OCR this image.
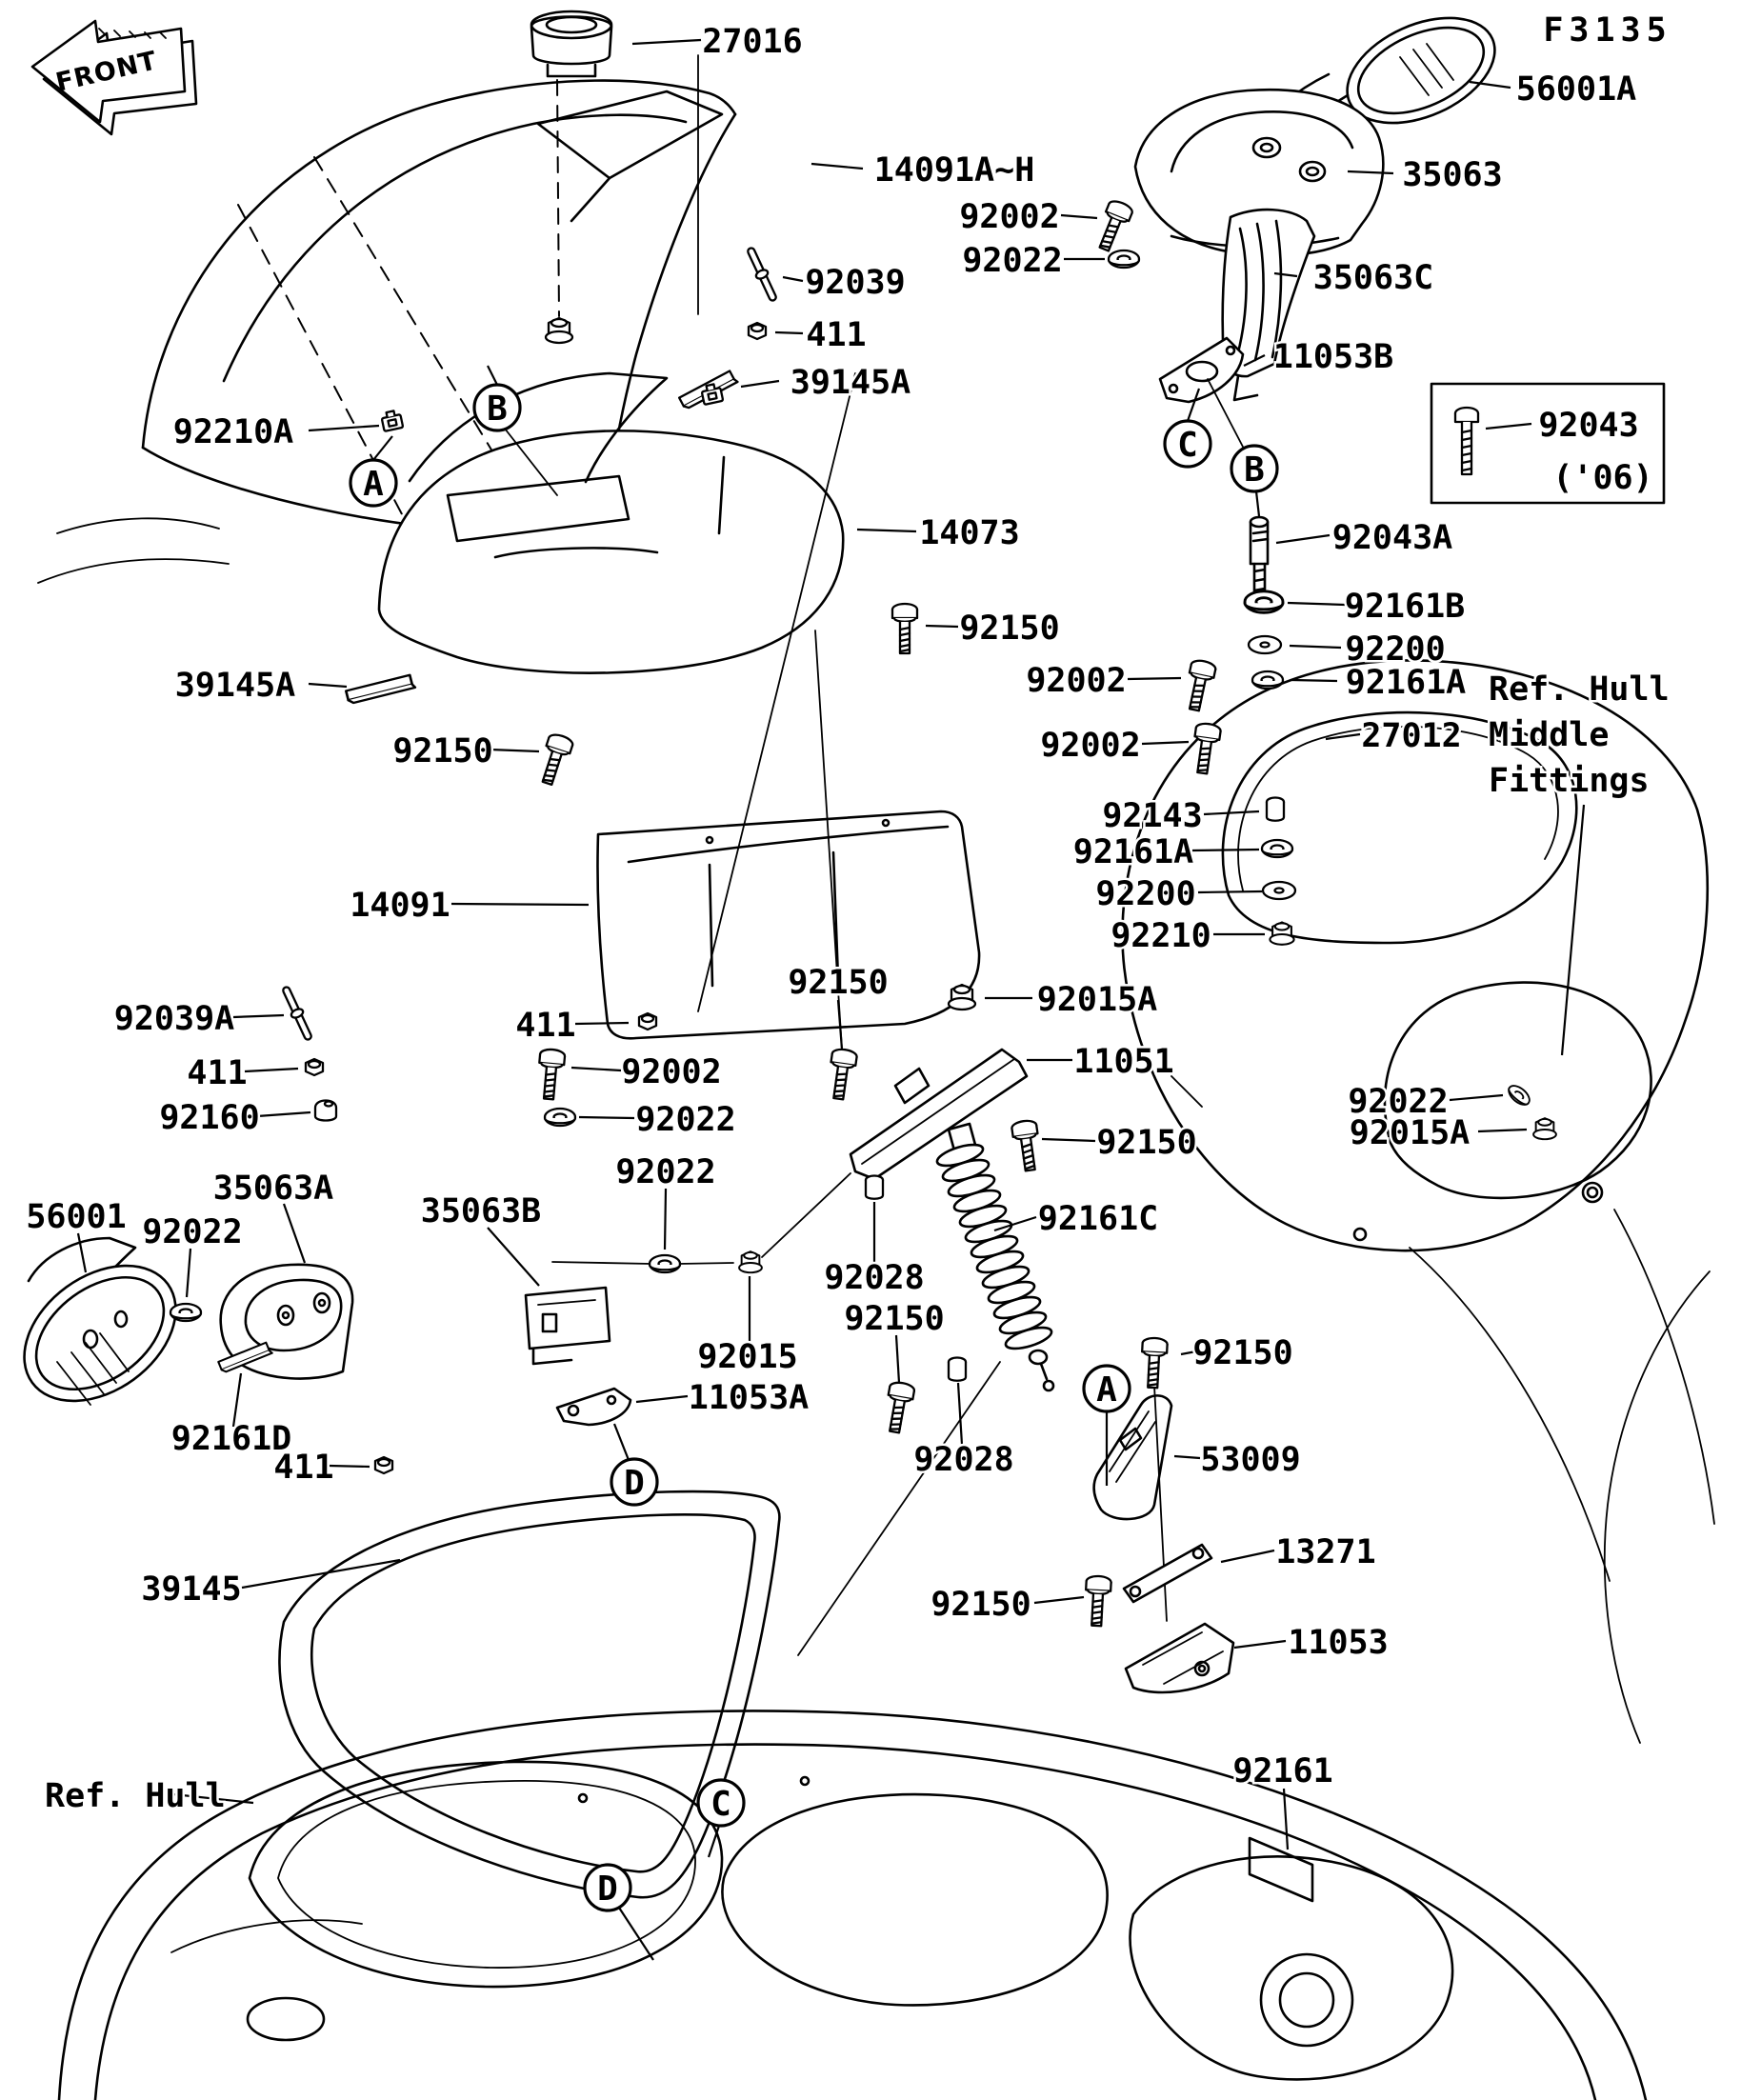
FRONT
A
B
C
B
A
D
C
D
F3135
27016
56001A
14091A~H	35063
92002
92022	35063C
92039
411
39145A
11053B
92210A	92043
('06)
14073	92043A
92150
92161B
92200
92002	92161A Ref. Hull
Middle
Fittings
92002	27012
39145A
92150
92143
92161A
92200
92210
14091
92150	92015A
411
11051
92039A
92002
411
92150
92160	92022
92022
35063A
35063B	92161C
56001 92022
92022
92015A
92028
92150
92015
11053A
92161D
411	92028
92150
53009
13271
92150
11053
39145
Ref. Hull
92161
